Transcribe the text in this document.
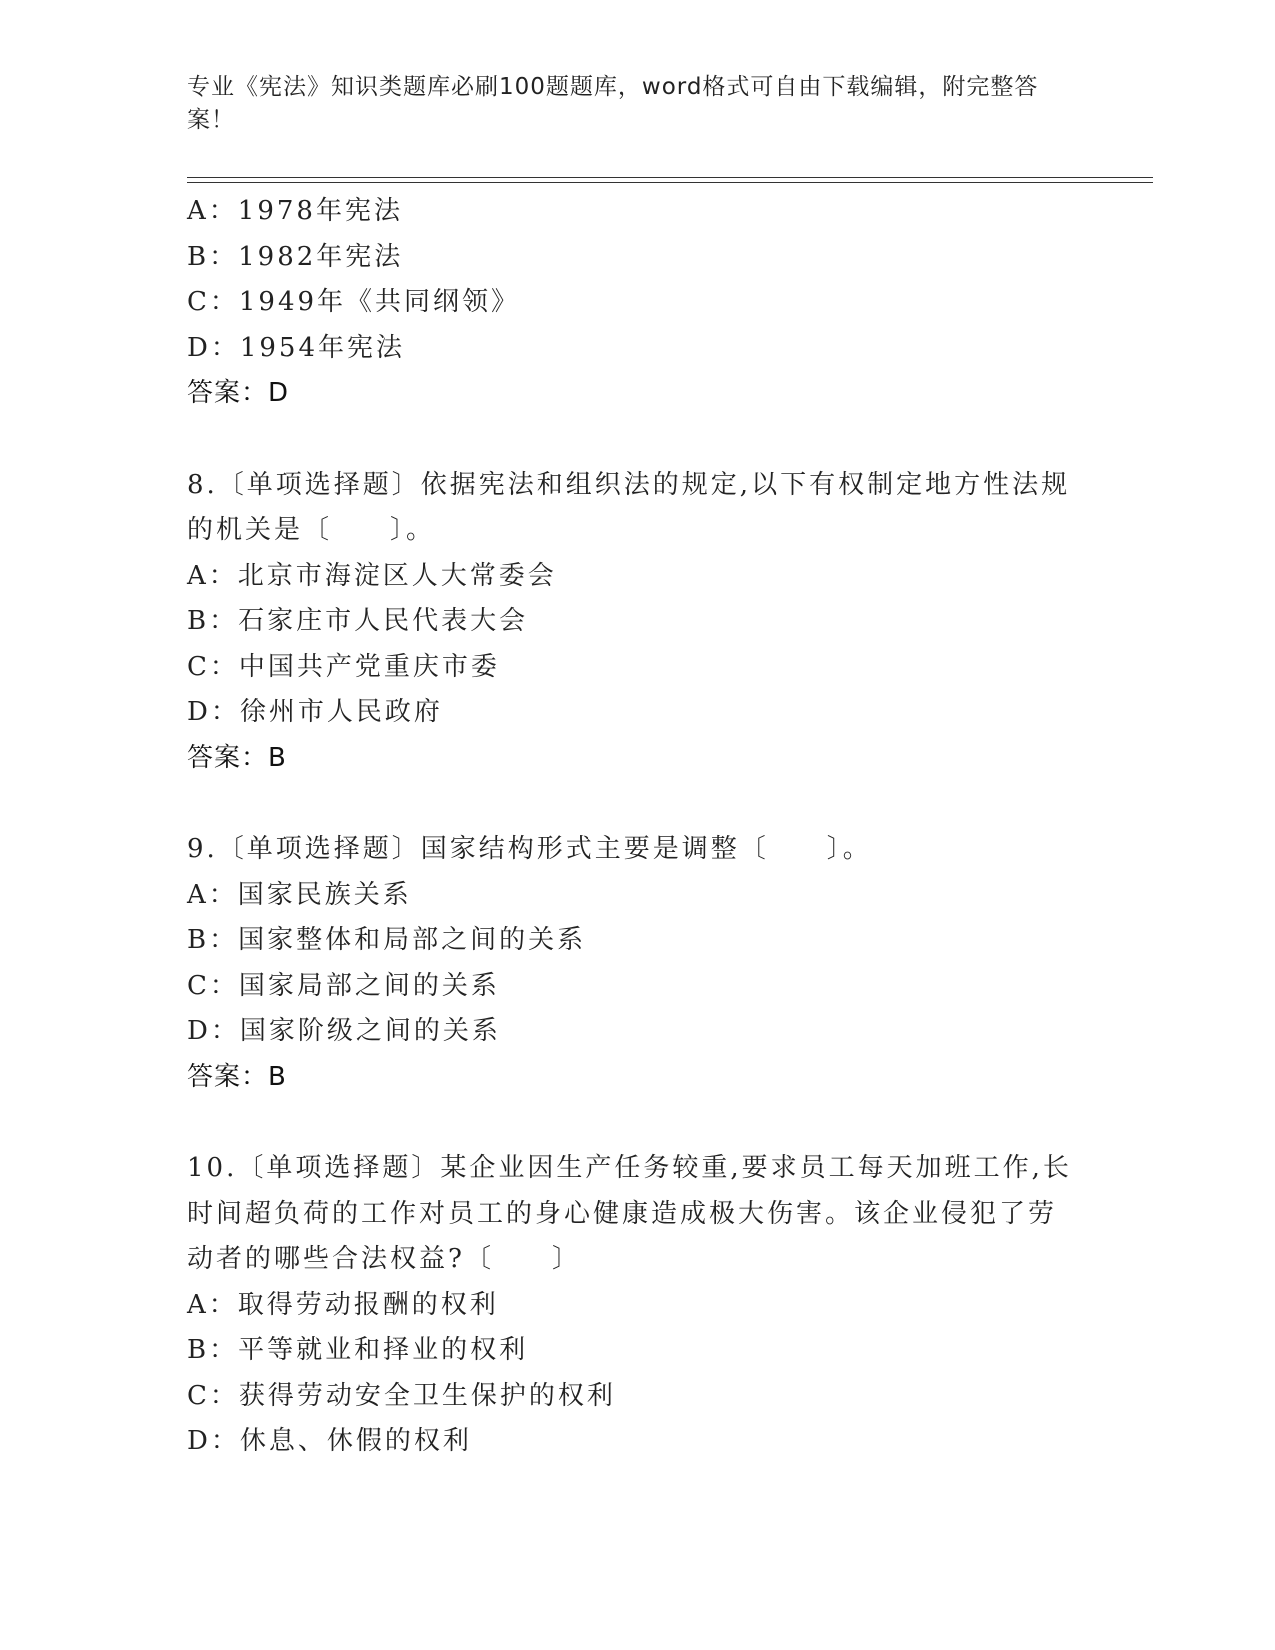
专业《宪法》知识类题库必刷100题题库，word格式可自由下载编辑，附完整答案！
A：1978年宪法
B：1982年宪法
C：1949年《共同纲领》
D：1954年宪法
答案：D
8.〔单项选择题〕依据宪法和组织法的规定,以下有权制定地方性法规
的机关是〔　　〕。
A：北京市海淀区人大常委会
B：石家庄市人民代表大会
C：中国共产党重庆市委
D：徐州市人民政府
答案：B
9.〔单项选择题〕国家结构形式主要是调整〔　　〕。
A：国家民族关系
B：国家整体和局部之间的关系
C：国家局部之间的关系
D：国家阶级之间的关系
答案：B
10.〔单项选择题〕某企业因生产任务较重,要求员工每天加班工作,长
时间超负荷的工作对员工的身心健康造成极大伤害。该企业侵犯了劳
动者的哪些合法权益?〔　　〕
A：取得劳动报酬的权利
B：平等就业和择业的权利
C：获得劳动安全卫生保护的权利
D：休息、休假的权利
